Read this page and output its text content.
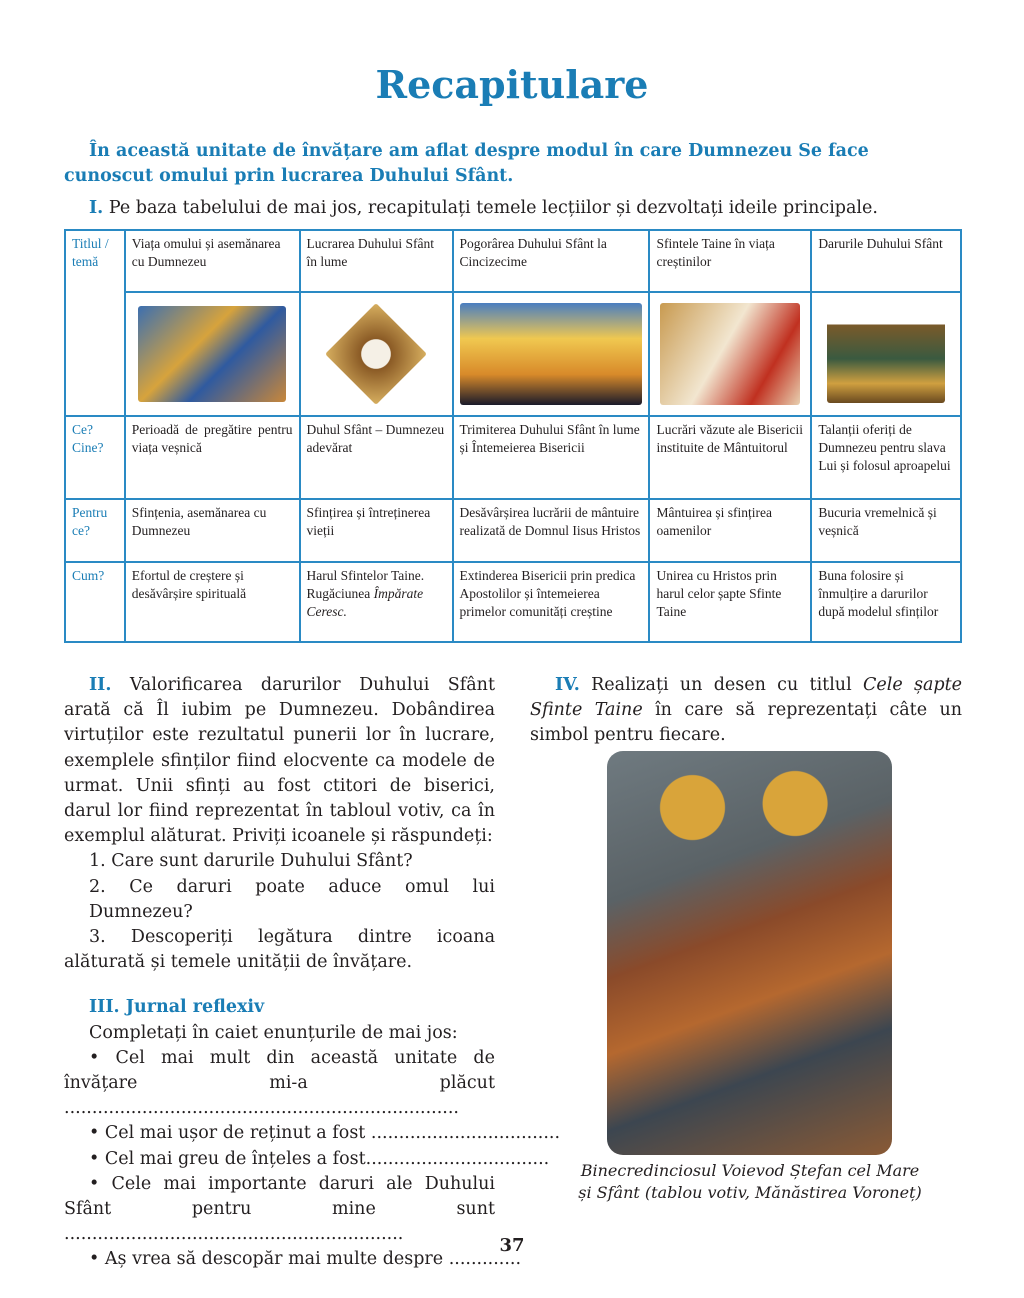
Recapitulare
În această unitate de învățare am aflat despre modul în care Dumnezeu Se face cunoscut omului prin lucrarea Duhului Sfânt.
I. Pe baza tabelului de mai jos, recapitulați temele lecțiilor și dezvoltați ideile principale.
Titlul / temă	Viața omului și asemănarea cu Dumnezeu	Lucrarea Duhului Sfânt în lume	Pogorârea Duhului Sfânt la Cincizecime	Sfintele Taine în viața creștinilor	Darurile Duhului Sfânt

Ce? Cine?	Perioadă de pregătire pentru viața veșnică	Duhul Sfânt – Dumnezeu adevărat	Trimiterea Duhului Sfânt în lume și Întemeierea Bisericii	Lucrări văzute ale Bisericii instituite de Mântuitorul	Talanții oferiți de Dumnezeu pentru slava Lui și folosul aproapelui
Pentru ce?	Sfințenia, asemănarea cu Dumnezeu	Sfințirea și întreținerea vieții	Desăvârșirea lucrării de mântuire realizată de Domnul Iisus Hristos	Mântuirea și sfințirea oamenilor	Bucuria vremelnică și veșnică
Cum?	Efortul de creștere și desăvârșire spirituală	Harul Sfintelor Taine. Rugăciunea Împărate Ceresc.	Extinderea Bisericii prin predica Apostolilor și întemeierea primelor comunități creștine	Unirea cu Hristos prin harul celor șapte Sfinte Taine	Buna folosire și înmulțire a darurilor după modelul sfinților
II. Valorificarea darurilor Duhului Sfânt arată că Îl iubim pe Dumnezeu. Dobândirea virtuților este rezultatul punerii lor în lucrare, exemplele sfinților fiind elocvente ca modele de urmat. Unii sfinți au fost ctitori de biserici, darul lor fiind reprezentat în tabloul votiv, ca în exemplul alăturat. Priviți icoanele și răspundeți:
1. Care sunt darurile Duhului Sfânt?
2. Ce daruri poate aduce omul lui Dumnezeu?
3. Descoperiți legătura dintre icoana alăturată și temele unității de învățare.
III. Jurnal reflexiv
Completați în caiet enunțurile de mai jos:
• Cel mai mult din această unitate de învățare mi-a plăcut .......................................................................
• Cel mai ușor de reținut a fost ..................................
• Cel mai greu de înțeles a fost.................................
• Cele mai importante daruri ale Duhului Sfânt pentru mine sunt .............................................................
• Aș vrea să descopăr mai multe despre .............
IV. Realizați un desen cu titlul Cele șapte Sfinte Taine în care să reprezentați câte un simbol pentru fiecare.
Binecredinciosul Voievod Ștefan cel Mare
și Sfânt (tablou votiv, Mănăstirea Voroneț)
37
